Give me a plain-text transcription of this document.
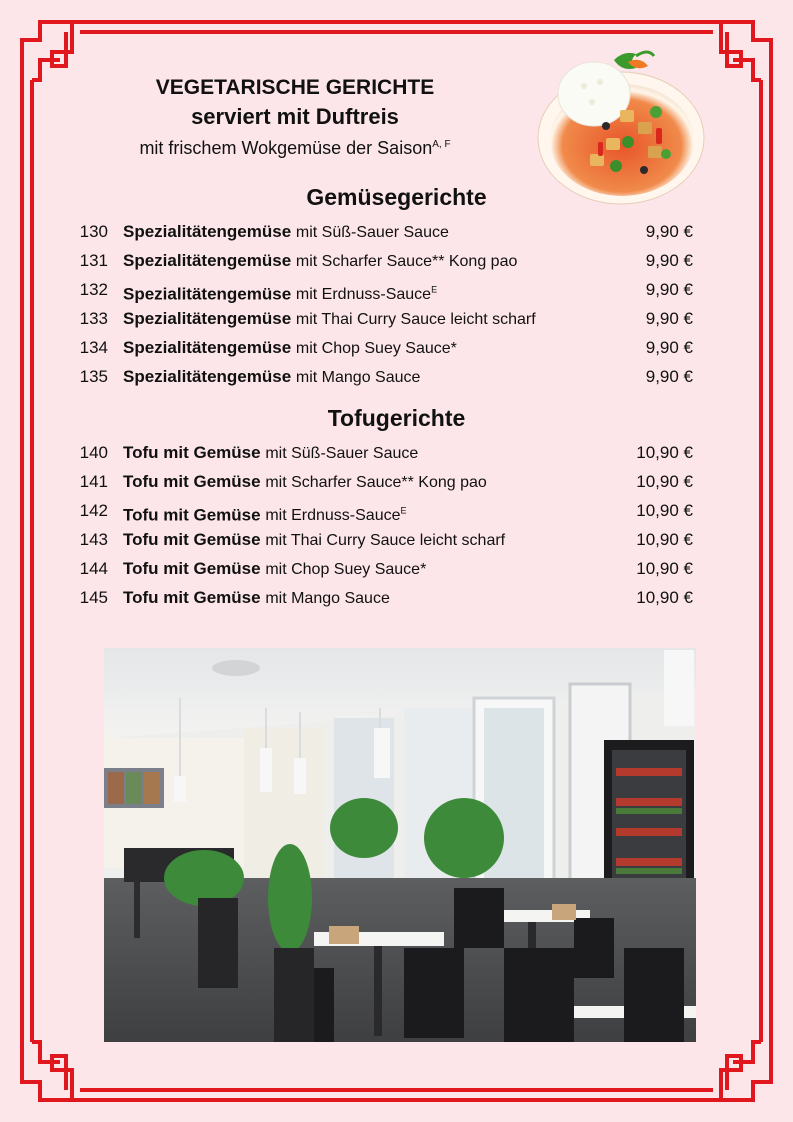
VEGETARISCHE GERICHTE
serviert mit Duftreis
mit frischem Wokgemüse der Saison$^{A, F}$
Gemüsegerichte
130 Spezialitätengemüse mit Süß-Sauer Sauce	9,90 €
131 Spezialitätengemüse mit Scharfer Sauce** Kong pao	9,90 €
132 Spezialitätengemüse mit Erdnuss-Sauce$^E$	9,90 €
133 Spezialitätengemüse mit Thai Curry Sauce leicht scharf	9,90 €
134 Spezialitätengemüse mit Chop Suey Sauce*	9,90 €
135 Spezialitätengemüse mit Mango Sauce	9,90 €
Tofugerichte
140 Tofu mit Gemüse mit Süß-Sauer Sauce	10,90 €
141 Tofu mit Gemüse mit Scharfer Sauce** Kong pao	10,90 €
142 Tofu mit Gemüse mit Erdnuss-Sauce$^E$	10,90 €
143 Tofu mit Gemüse mit Thai Curry Sauce leicht scharf	10,90 €
144 Tofu mit Gemüse mit Chop Suey Sauce*	10,90 €
145 Tofu mit Gemüse mit Mango Sauce	10,90 €
